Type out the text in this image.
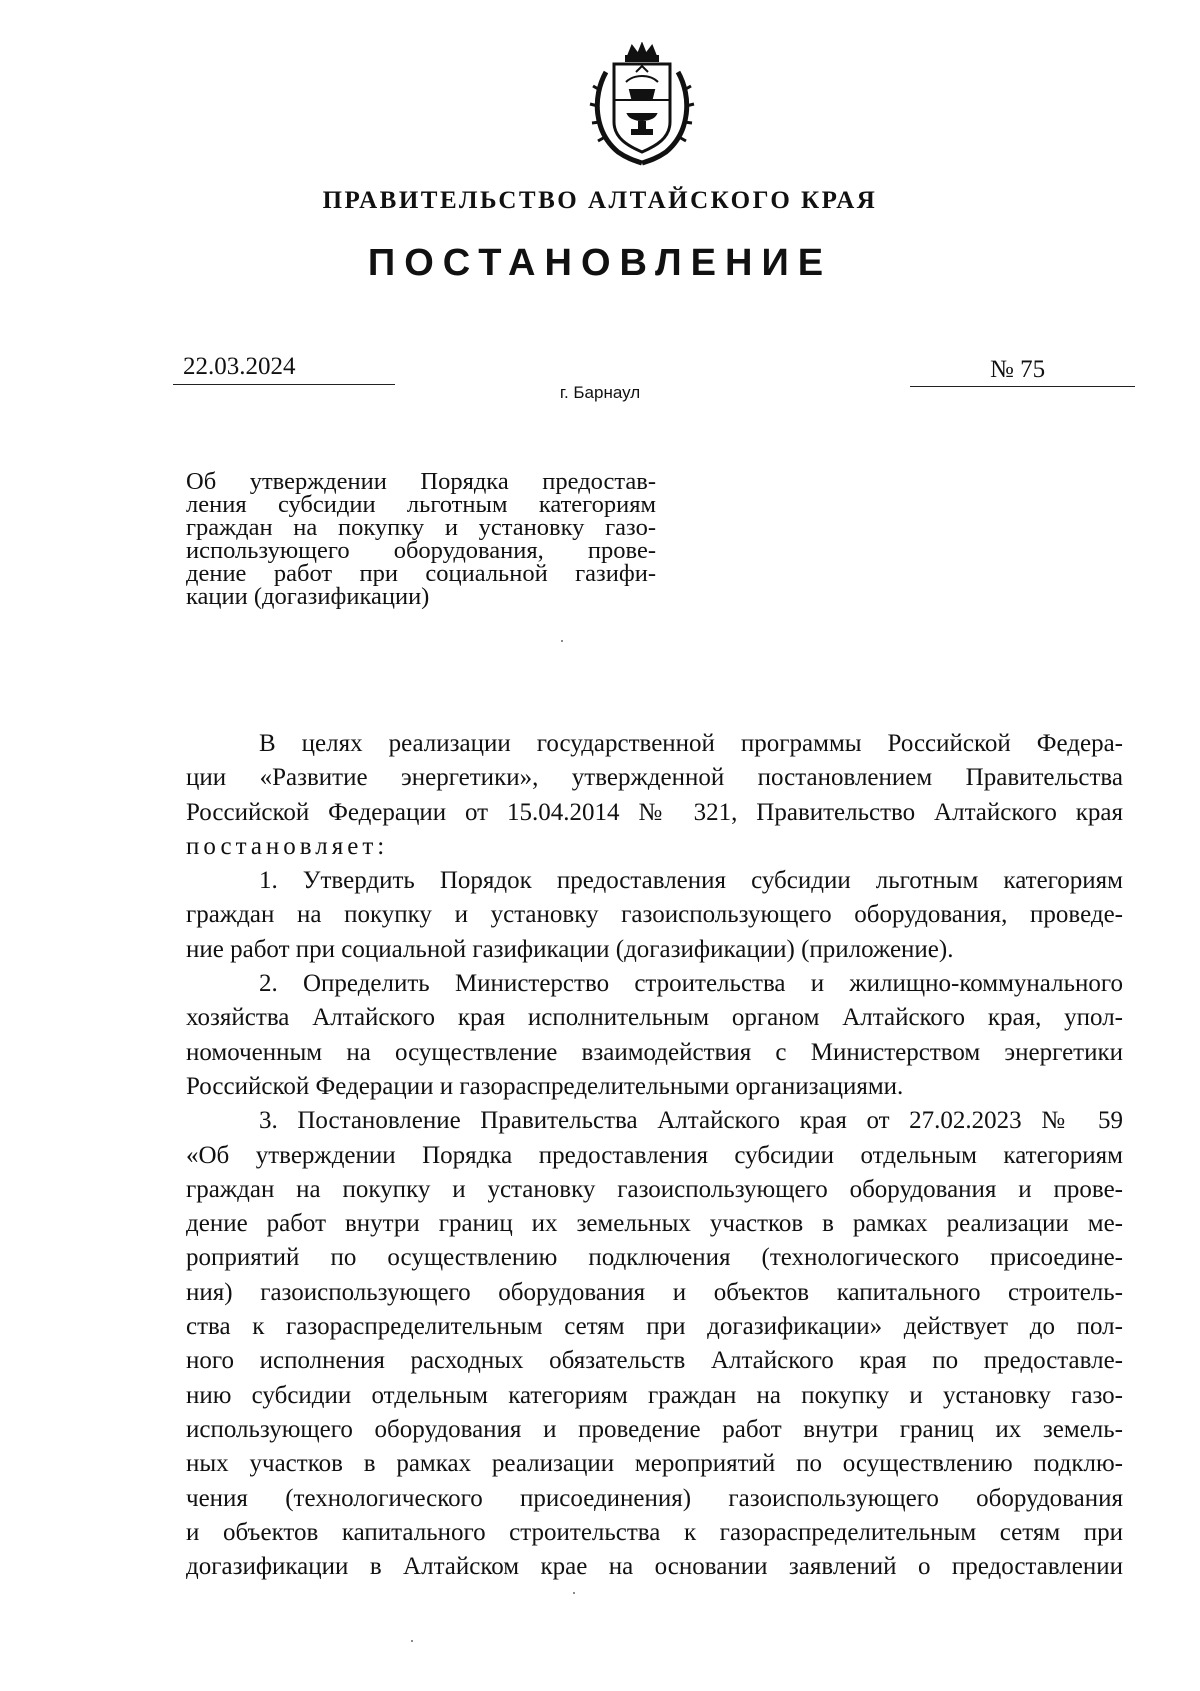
ПРАВИТЕЛЬСТВО АЛТАЙСКОГО КРАЯ
ПОСТАНОВЛЕНИЕ
22.03.2024	№ 75
г. Барнаул
Об утверждении Порядка предостав-
ления субсидии льготным категориям
граждан на покупку и установку газо-
использующего оборудования, прове-
дение работ при социальной газифи-
кации (догазификации)
В целях реализации государственной программы Российской Федера-
ции «Развитие энергетики», утвержденной постановлением Правительства
Российской Федерации от 15.04.2014 № 321, Правительство Алтайского края
постановляет:
1. Утвердить Порядок предоставления субсидии льготным категориям
граждан на покупку и установку газоиспользующего оборудования, проведе-
ние работ при социальной газификации (догазификации) (приложение).
2. Определить Министерство строительства и жилищно-коммунального
хозяйства Алтайского края исполнительным органом Алтайского края, упол-
номоченным на осуществление взаимодействия с Министерством энергетики
Российской Федерации и газораспределительными организациями.
3. Постановление Правительства Алтайского края от 27.02.2023 № 59
«Об утверждении Порядка предоставления субсидии отдельным категориям
граждан на покупку и установку газоиспользующего оборудования и прове-
дение работ внутри границ их земельных участков в рамках реализации ме-
роприятий по осуществлению подключения (технологического присоедине-
ния) газоиспользующего оборудования и объектов капитального строитель-
ства к газораспределительным сетям при догазификации» действует до пол-
ного исполнения расходных обязательств Алтайского края по предоставле-
нию субсидии отдельным категориям граждан на покупку и установку газо-
использующего оборудования и проведение работ внутри границ их земель-
ных участков в рамках реализации мероприятий по осуществлению подклю-
чения (технологического присоединения) газоиспользующего оборудования
и объектов капитального строительства к газораспределительным сетям при
догазификации в Алтайском крае на основании заявлений о предоставлении
